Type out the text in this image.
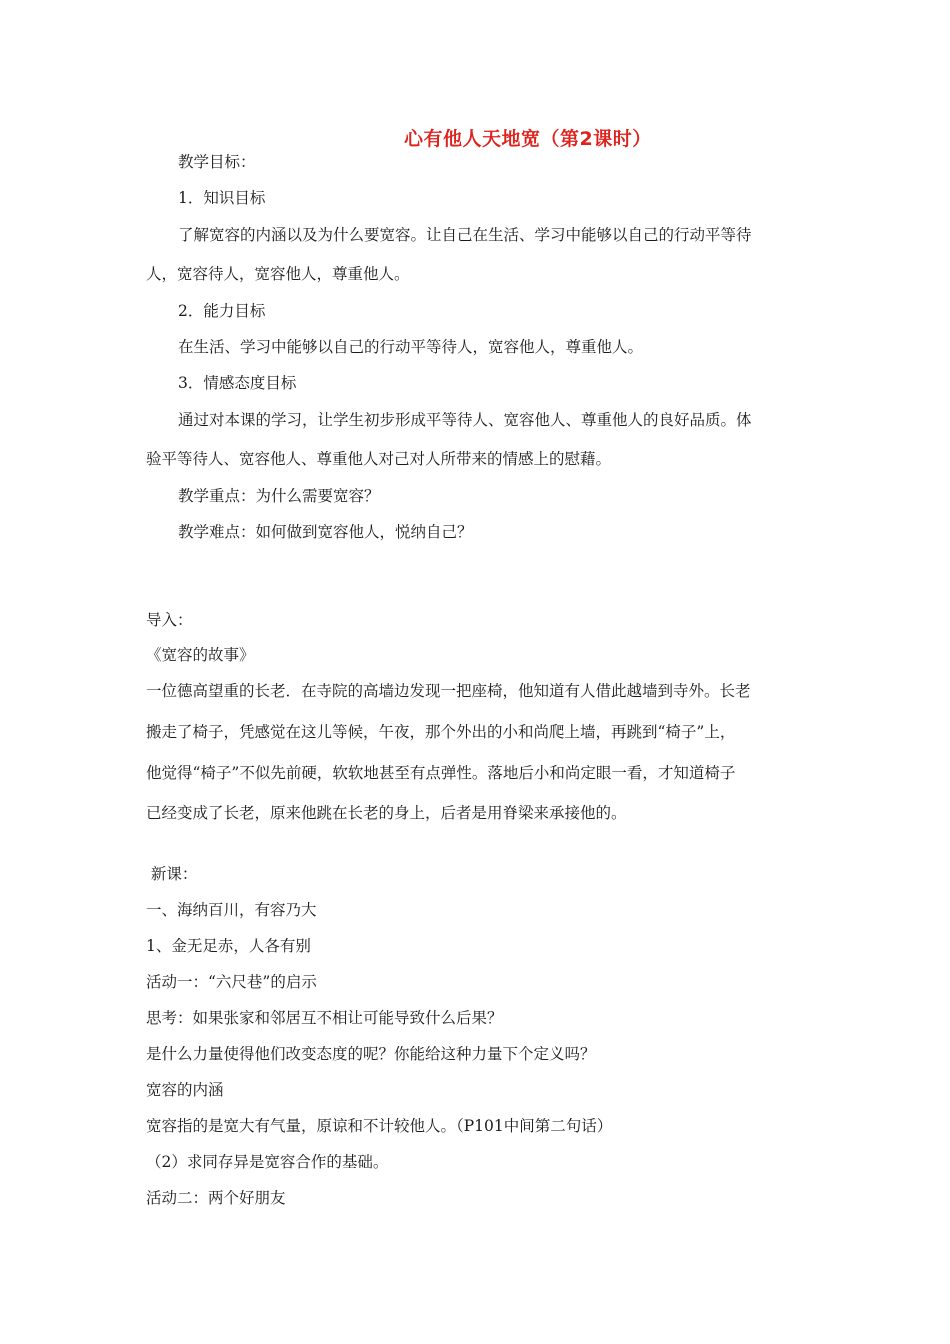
心有他人天地宽（第2课时）
教学目标：
1．知识目标
了解宽容的内涵以及为什么要宽容。让自己在生活、学习中能够以自己的行动平等待
人，宽容待人，宽容他人，尊重他人。
2．能力目标
在生活、学习中能够以自己的行动平等待人，宽容他人，尊重他人。
3．情感态度目标
通过对本课的学习，让学生初步形成平等待人、宽容他人、尊重他人的良好品质。体
验平等待人、宽容他人、尊重他人对己对人所带来的情感上的慰藉。
教学重点：为什么需要宽容？
教学难点：如何做到宽容他人，悦纳自己？
导入：
《宽容的故事》
一位德高望重的长老．在寺院的高墙边发现一把座椅，他知道有人借此越墙到寺外。长老
搬走了椅子，凭感觉在这儿等候，午夜，那个外出的小和尚爬上墙，再跳到“椅子”上，
他觉得“椅子”不似先前硬，软软地甚至有点弹性。落地后小和尚定眼一看，才知道椅子
已经变成了长老，原来他跳在长老的身上，后者是用脊梁来承接他的。
新课：
一、海纳百川，有容乃大
1、金无足赤，人各有别
活动一：“六尺巷”的启示
思考：如果张家和邻居互不相让可能导致什么后果？
是什么力量使得他们改变态度的呢？你能给这种力量下个定义吗？
宽容的内涵
宽容指的是宽大有气量，原谅和不计较他人。（P101中间第二句话）
（2）求同存异是宽容合作的基础。
活动二：两个好朋友
